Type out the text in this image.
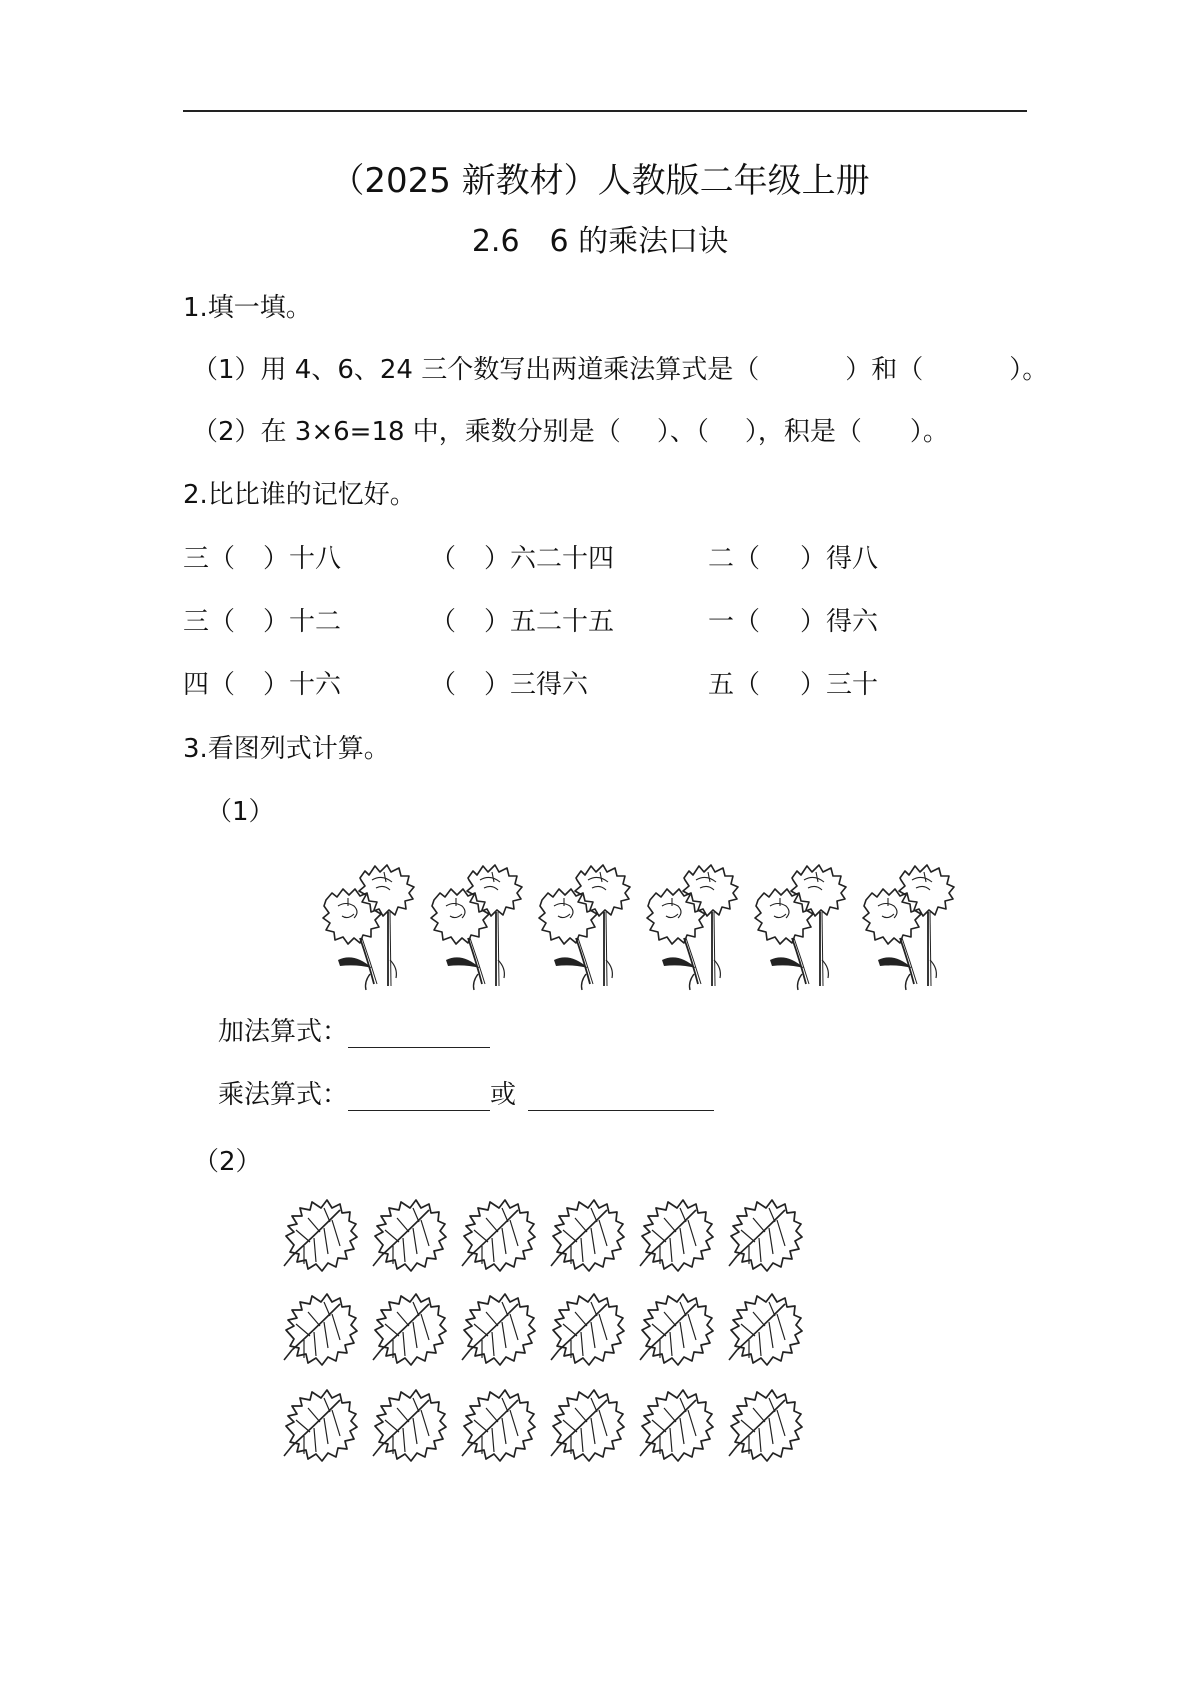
（2025 新教材）人教版二年级上册
2.6　6 的乘法口诀
1.填一填。
（1）用 4、6、24 三个数写出两道乘法算式是（	）和（	）。
（2）在 3×6=18 中，乘数分别是（ ）、（ ），积是（ ）。
2.比比谁的记忆好。
三（ ）十八	（ ）六二十四	二（ ）得八
三（ ）十二	（ ）五二十五	一（ ）得六
四（ ）十六	（ ）三得六	五（ ）三十
3.看图列式计算。
（1）
加法算式：
乘法算式：	或
（2）
